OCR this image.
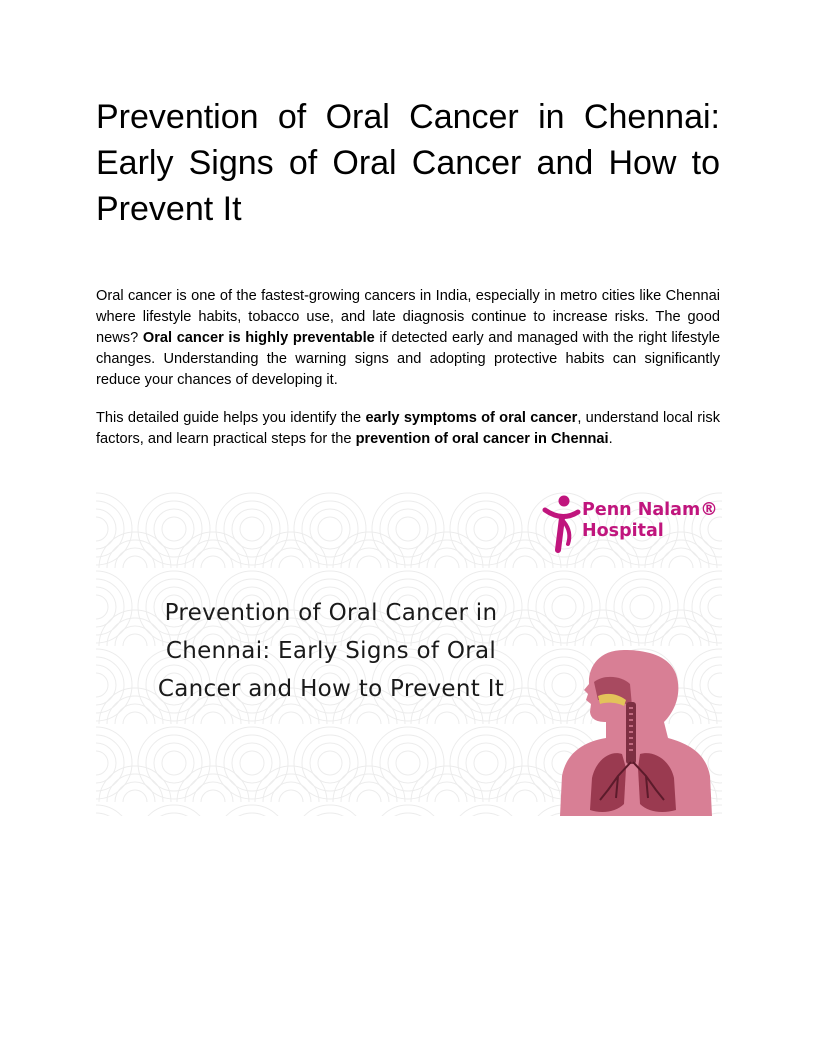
Prevention of Oral Cancer in Chennai: Early Signs of Oral Cancer and How to Prevent It

Oral cancer is one of the fastest-growing cancers in India, especially in metro cities like Chennai where lifestyle habits, tobacco use, and late diagnosis continue to increase risks. The good news? Oral cancer is highly preventable if detected early and managed with the right lifestyle changes. Understanding the warning signs and adopting protective habits can significantly reduce your chances of developing it.

This detailed guide helps you identify the early symptoms of oral cancer, understand local risk factors, and learn practical steps for the prevention of oral cancer in Chennai.

Penn Nalam®
Hospital
Prevention of Oral Cancer in
Chennai: Early Signs of Oral
Cancer and How to Prevent It
